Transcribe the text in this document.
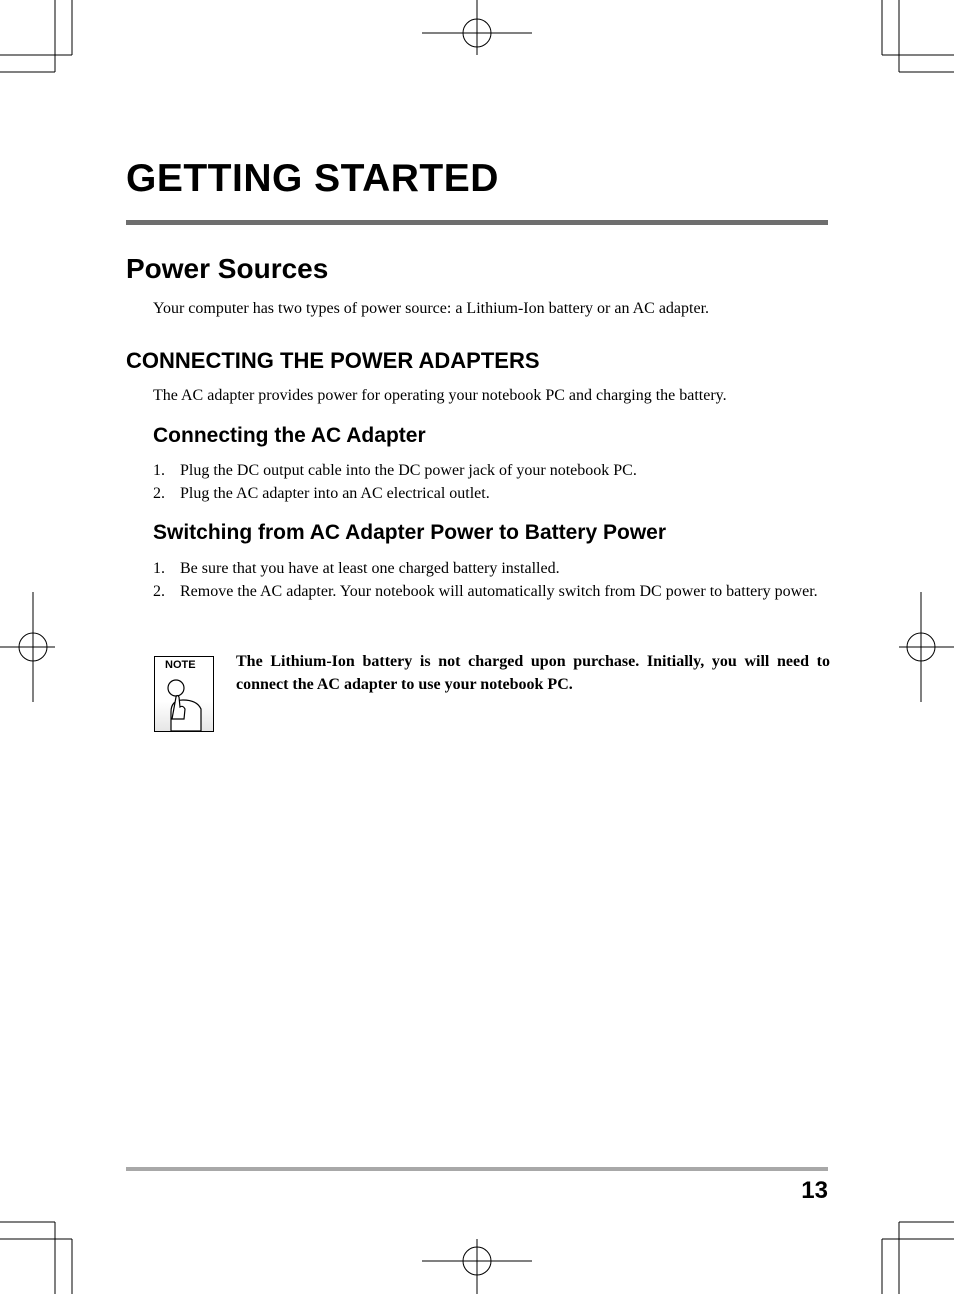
GETTING STARTED
Power Sources

Your computer has two types of power source: a Lithium-Ion battery or an AC adapter.

CONNECTING THE POWER ADAPTERS

The AC adapter provides power for operating your notebook PC and charging the battery.

Connecting the AC Adapter
1. Plug the DC output cable into the DC power jack of your notebook PC.
2. Plug the AC adapter into an AC electrical outlet.
Switching from AC Adapter Power to Battery Power
1. Be sure that you have at least one charged battery installed.
2. Remove the AC adapter. Your notebook will automatically switch from DC power to battery power.
NOTE	The Lithium-Ion battery is not charged upon purchase. Initially, you will need to connect the AC adapter to use your notebook PC.

13
